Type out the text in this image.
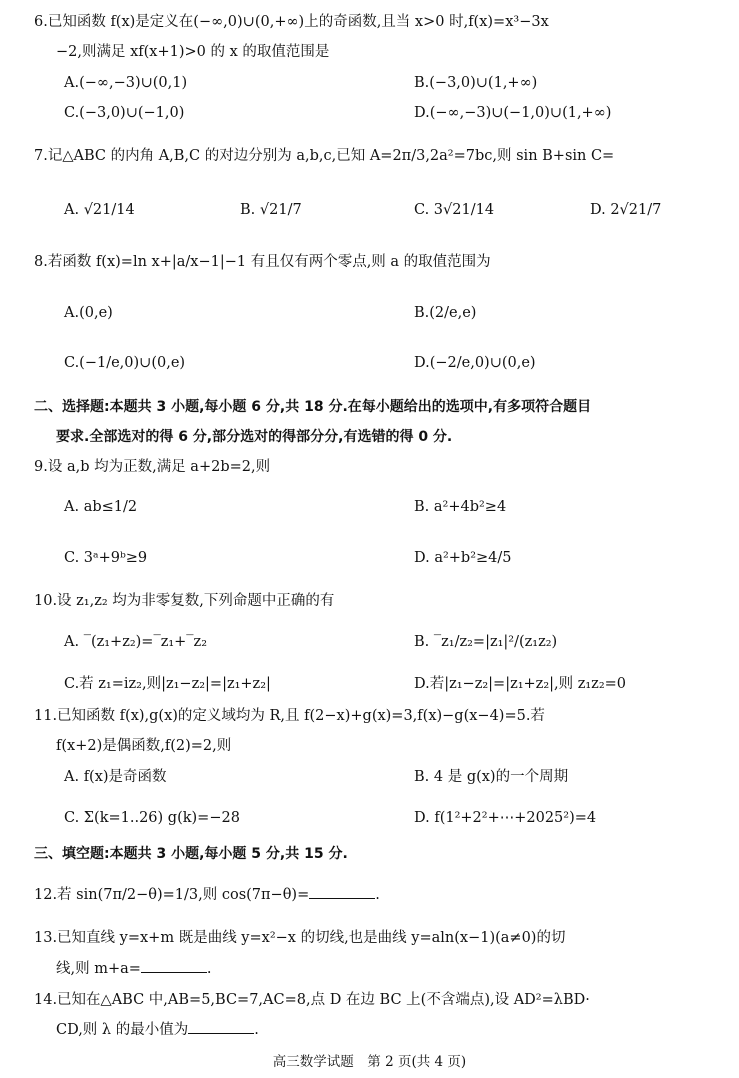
6.已知函数 f(x)是定义在(−∞,0)∪(0,+∞)上的奇函数,且当 x>0 时,f(x)=x³−3x
−2,则满足 xf(x+1)>0 的 x 的取值范围是
A.(−∞,−3)∪(0,1)	B.(−3,0)∪(1,+∞)
C.(−3,0)∪(−1,0)	D.(−∞,−3)∪(−1,0)∪(1,+∞)
7.记△ABC 的内角 A,B,C 的对边分别为 a,b,c,已知 A=2π/3,2a²=7bc,则 sin B+sin C=
A. √21/14	B. √21/7	C. 3√21/14	D. 2√21/7
8.若函数 f(x)=ln x+|a/x−1|−1 有且仅有两个零点,则 a 的取值范围为
A.(0,e)	B.(2/e,e)
C.(−1/e,0)∪(0,e)	D.(−2/e,0)∪(0,e)
二、选择题:本题共 3 小题,每小题 6 分,共 18 分.在每小题给出的选项中,有多项符合题目
要求.全部选对的得 6 分,部分选对的得部分分,有选错的得 0 分.
9.设 a,b 均为正数,满足 a+2b=2,则
A. ab≤1/2	B. a²+4b²≥4
C. 3ᵃ+9ᵇ≥9	D. a²+b²≥4/5
10.设 z₁,z₂ 均为非零复数,下列命题中正确的有
A. ‾(z₁+z₂)=‾z₁+‾z₂	B. ‾z₁/z₂=|z₁|²/(z₁z₂)
C.若 z₁=iz₂,则|z₁−z₂|=|z₁+z₂|	D.若|z₁−z₂|=|z₁+z₂|,则 z₁z₂=0
11.已知函数 f(x),g(x)的定义域均为 R,且 f(2−x)+g(x)=3,f(x)−g(x−4)=5.若
f(x+2)是偶函数,f(2)=2,则
A. f(x)是奇函数	B. 4 是 g(x)的一个周期
C. Σ(k=1..26) g(k)=−28	D. f(1²+2²+⋯+2025²)=4
三、填空题:本题共 3 小题,每小题 5 分,共 15 分.
12.若 sin(7π/2−θ)=1/3,则 cos(7π−θ)=	.
13.已知直线 y=x+m 既是曲线 y=x²−x 的切线,也是曲线 y=aln(x−1)(a≠0)的切
线,则 m+a=	.
14.已知在△ABC 中,AB=5,BC=7,AC=8,点 D 在边 BC 上(不含端点),设 AD²=λBD·
CD,则 λ 的最小值为	.
高三数学试题　第 2 页(共 4 页)
